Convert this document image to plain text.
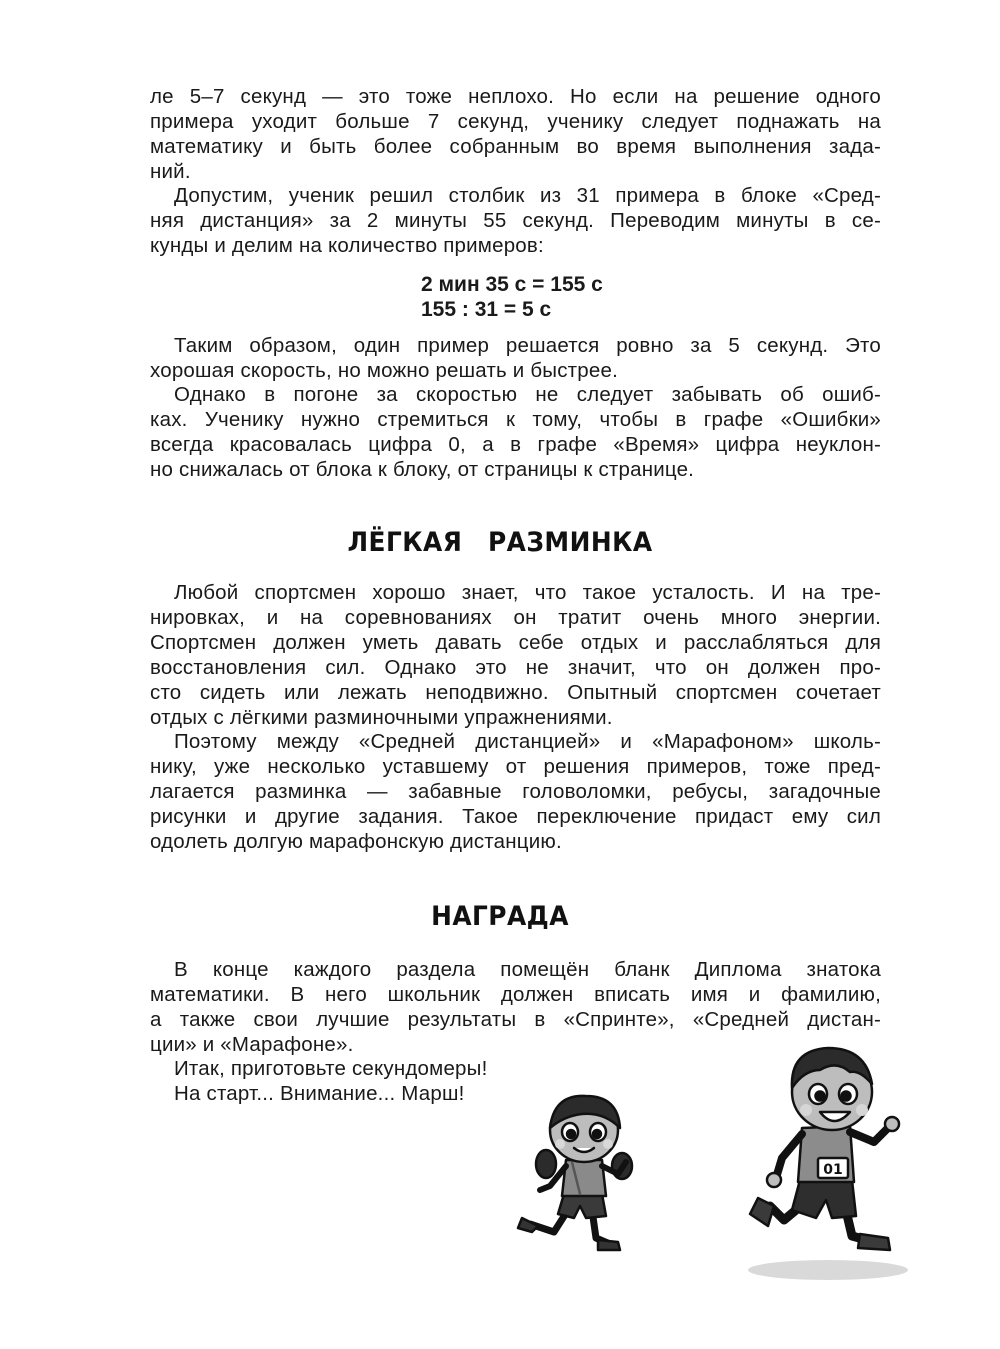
ле 5–7 секунд — это тоже неплохо. Но если на решение одного
примера уходит больше 7 секунд, ученику следует поднажать на
математику и быть более собранным во время выполнения зада-
ний.
Допустим, ученик решил столбик из 31 примера в блоке «Сред-
няя дистанция» за 2 минуты 55 секунд. Переводим минуты в се-
кунды и делим на количество примеров:
2 мин 35 с = 155 с
155 : 31 = 5 с
Таким образом, один пример решается ровно за 5 секунд. Это
хорошая скорость, но можно решать и быстрее.
Однако в погоне за скоростью не следует забывать об ошиб-
ках. Ученику нужно стремиться к тому, чтобы в графе «Ошибки»
всегда красовалась цифра 0, а в графе «Время» цифра неуклон-
но снижалась от блока к блоку, от страницы к странице.
ЛЁГКАЯ РАЗМИНКА
Любой спортсмен хорошо знает, что такое усталость. И на тре-
нировках, и на соревнованиях он тратит очень много энергии.
Спортсмен должен уметь давать себе отдых и расслабляться для
восстановления сил. Однако это не значит, что он должен про-
сто сидеть или лежать неподвижно. Опытный спортсмен сочетает
отдых с лёгкими разминочными упражнениями.
Поэтому между «Средней дистанцией» и «Марафоном» школь-
нику, уже несколько уставшему от решения примеров, тоже пред-
лагается разминка — забавные головоломки, ребусы, загадочные
рисунки и другие задания. Такое переключение придаст ему сил
одолеть долгую марафонскую дистанцию.
НАГРАДА
В конце каждого раздела помещён бланк Диплома знатока
математики. В него школьник должен вписать имя и фамилию,
а также свои лучшие результаты в «Спринте», «Средней дистан-
ции» и «Марафоне».
Итак, приготовьте секундомеры!
На старт... Внимание... Марш!
01
